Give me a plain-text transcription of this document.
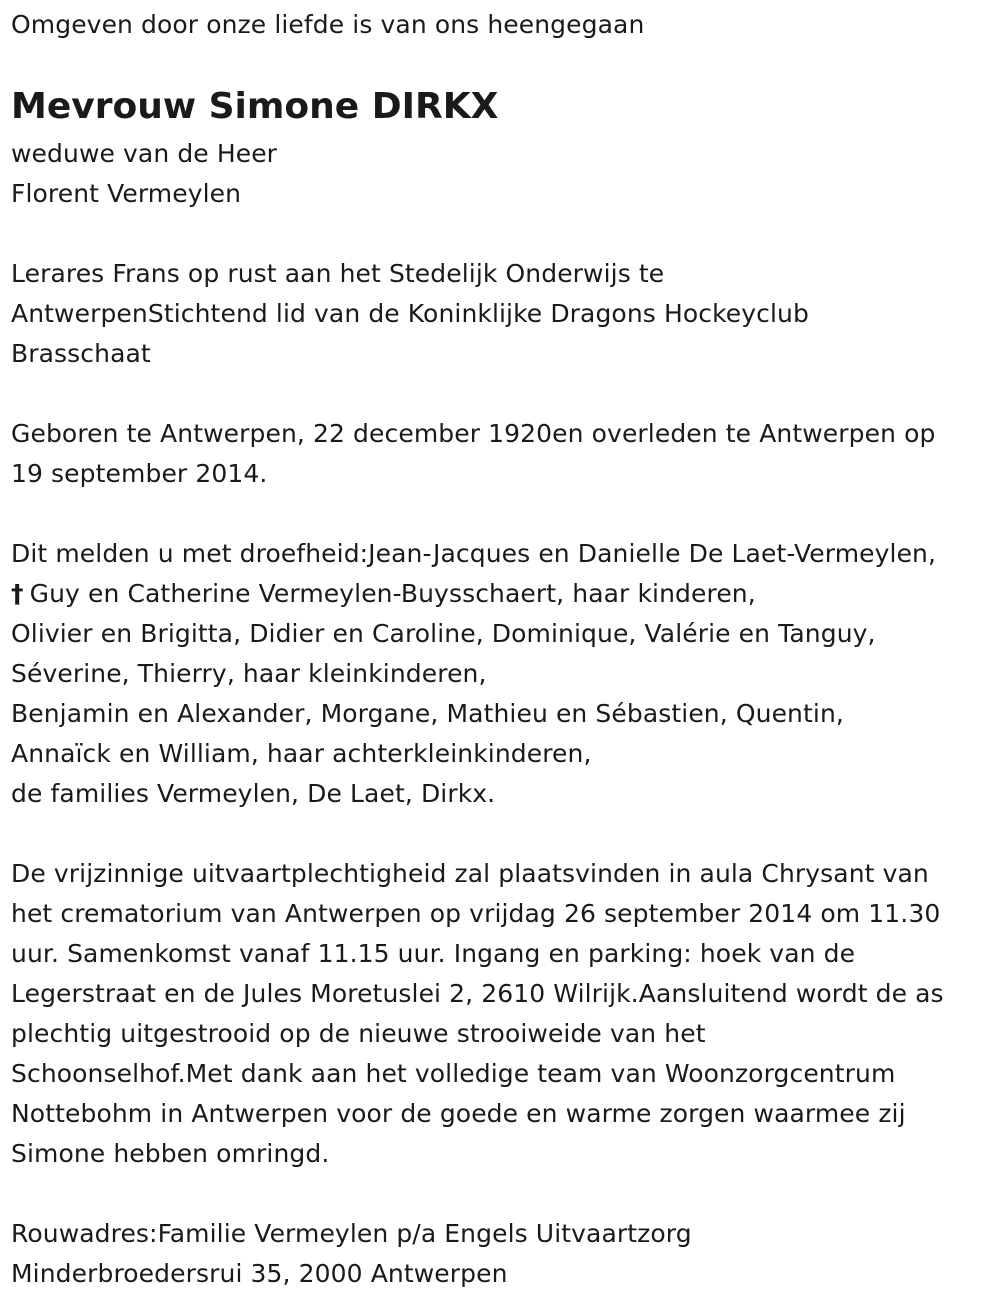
Omgeven door onze liefde is van ons heengegaan
Mevrouw Simone DIRKX
weduwe van de Heer
Florent Vermeylen
Lerares Frans op rust aan het Stedelijk Onderwijs te
AntwerpenStichtend lid van de Koninklijke Dragons Hockeyclub
Brasschaat
Geboren te Antwerpen, 22 december 1920en overleden te Antwerpen op
19 september 2014.
Dit melden u met droefheid:Jean-Jacques en Danielle De Laet-Vermeylen,
† Guy en Catherine Vermeylen-Buysschaert, haar kinderen,
Olivier en Brigitta, Didier en Caroline, Dominique, Valérie en Tanguy,
Séverine, Thierry, haar kleinkinderen,
Benjamin en Alexander, Morgane, Mathieu en Sébastien, Quentin,
Annaïck en William, haar achterkleinkinderen,
de families Vermeylen, De Laet, Dirkx.
De vrijzinnige uitvaartplechtigheid zal plaatsvinden in aula Chrysant van
het crematorium van Antwerpen op vrijdag 26 september 2014 om 11.30
uur. Samenkomst vanaf 11.15 uur. Ingang en parking: hoek van de
Legerstraat en de Jules Moretuslei 2, 2610 Wilrijk.Aansluitend wordt de as
plechtig uitgestrooid op de nieuwe strooiweide van het
Schoonselhof.Met dank aan het volledige team van Woonzorgcentrum
Nottebohm in Antwerpen voor de goede en warme zorgen waarmee zij
Simone hebben omringd.
Rouwadres:Familie Vermeylen p/a Engels Uitvaartzorg
Minderbroedersrui 35, 2000 Antwerpen
